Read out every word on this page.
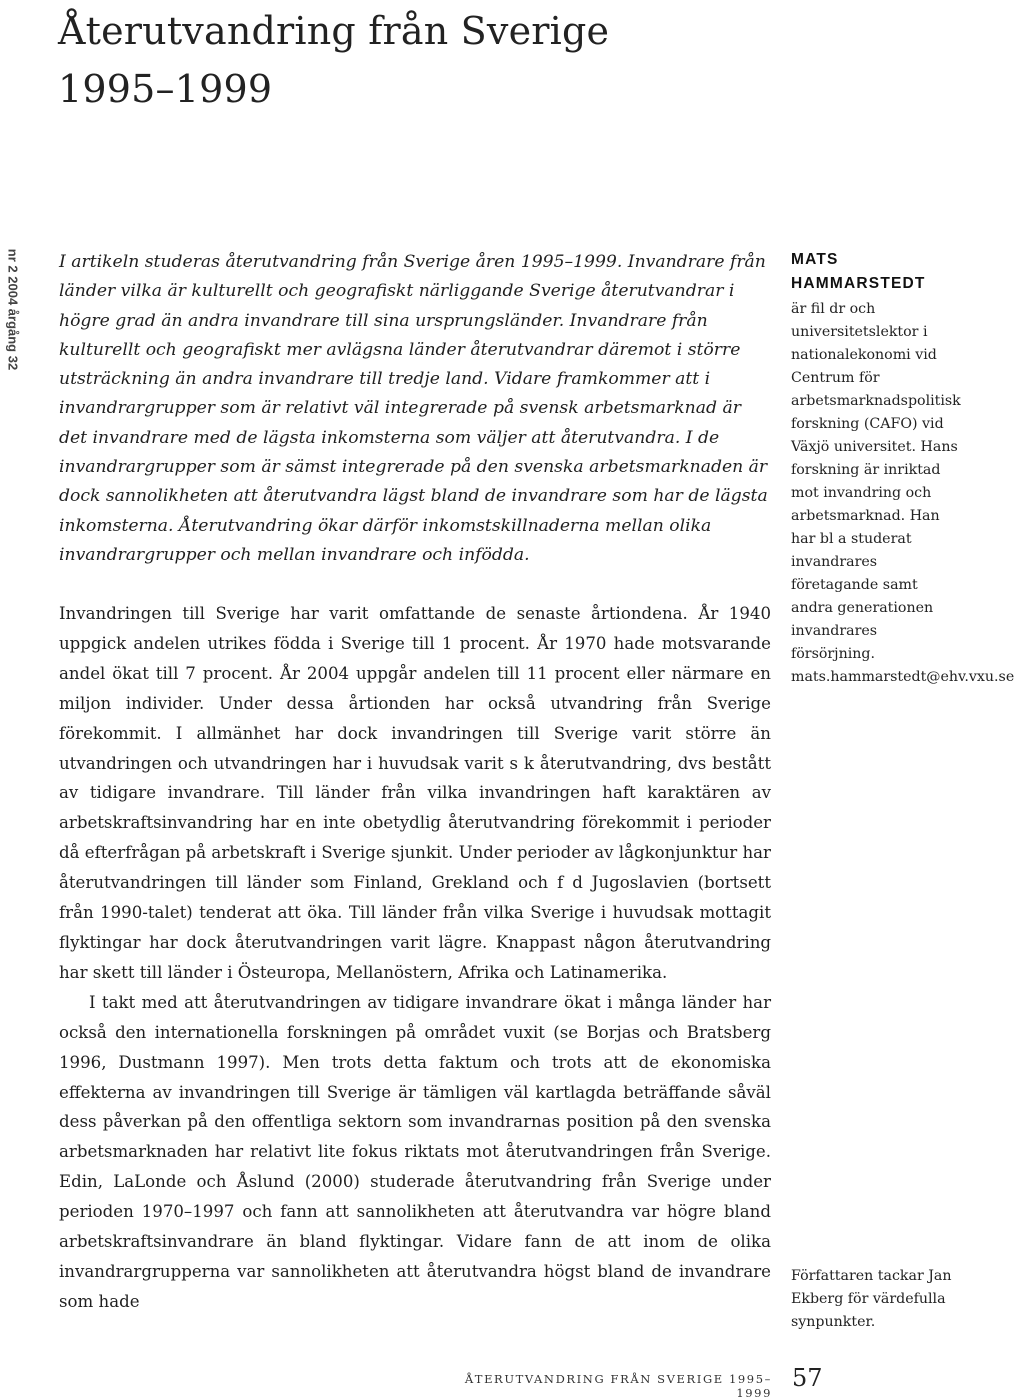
Återutvandring från Sverige
1995–1999
nr 2 2004 årgång 32 I artikeln studeras återutvandring från Sverige åren 1995–1999. Invandrare från länder vilka är kulturellt och geografiskt närliggande Sverige återutvandrar i högre grad än andra invandrare till sina ursprungsländer. Invandrare från kulturellt och geografiskt mer avlägsna länder återutvandrar däremot i större utsträckning än andra invandrare till tredje land. Vidare framkommer att i invandrargrupper som är relativt väl integrerade på svensk arbetsmarknad är det invandrare med de lägsta inkomsterna som väljer att återutvandra. I de invandrargrupper som är sämst integrerade på den svenska arbetsmarknaden är dock sannolikheten att återutvandra lägst bland de invandrare som har de lägsta inkomsterna. Återutvandring ökar därför inkomstskillnaderna mellan olika invandrargrupper och mellan invandrare och infödda.

Invandringen till Sverige har varit omfattande de senaste årtiondena. År 1940 uppgick andelen utrikes födda i Sverige till 1 procent. År 1970 hade motsvarande andel ökat till 7 procent. År 2004 uppgår andelen till 11 procent eller närmare en miljon individer. Under dessa årtionden har också utvandring från Sverige förekommit. I allmänhet har dock invandringen till Sverige varit större än utvandringen och utvandringen har i huvudsak varit s k återutvandring, dvs bestått av tidigare invandrare. Till länder från vilka invandringen haft karaktären av arbetskraftsinvandring har en inte obetydlig återutvandring förekommit i perioder då efterfrågan på arbetskraft i Sverige sjunkit. Under perioder av lågkonjunktur har återutvandringen till länder som Finland, Grekland och f d Jugoslavien (bortsett från 1990-talet) tenderat att öka. Till länder från vilka Sverige i huvudsak mottagit flyktingar har dock återutvandringen varit lägre. Knappast någon återutvandring har skett till länder i Östeuropa, Mellanöstern, Afrika och Latinamerika.

I takt med att återutvandringen av tidigare invandrare ökat i många länder har också den internationella forskningen på området vuxit (se Borjas och Bratsberg 1996, Dustmann 1997). Men trots detta faktum och trots att de ekonomiska effekterna av invandringen till Sverige är tämligen väl kartlagda beträffande såväl dess påverkan på den offentliga sektorn som invandrarnas position på den svenska arbetsmarknaden har relativt lite fokus riktats mot återutvandringen från Sverige. Edin, LaLonde och Åslund (2000) studerade återutvandring från Sverige under perioden 1970–1997 och fann att sannolikheten att återutvandra var högre bland arbetskraftsinvandrare än bland flyktingar. Vidare fann de att inom de olika invandrargrupperna var sannolikheten att återutvandra högst bland de invandrare som hade

MATS

HAMMARSTEDT

är fil dr och universitetslektor i nationalekonomi vid Centrum för arbetsmarknadspolitisk forskning (CAFO) vid Växjö universitet. Hans forskning är inriktad mot invandring och arbetsmarknad. Han har bl a studerat invandrares företagande samt andra generationen invandrares försörjning. mats.hammarstedt@ehv.vxu.se

Författaren tackar Jan Ekberg för värdefulla synpunkter.

ÅTERUTVANDRING FRÅN SVERIGE 1995–1999

57
